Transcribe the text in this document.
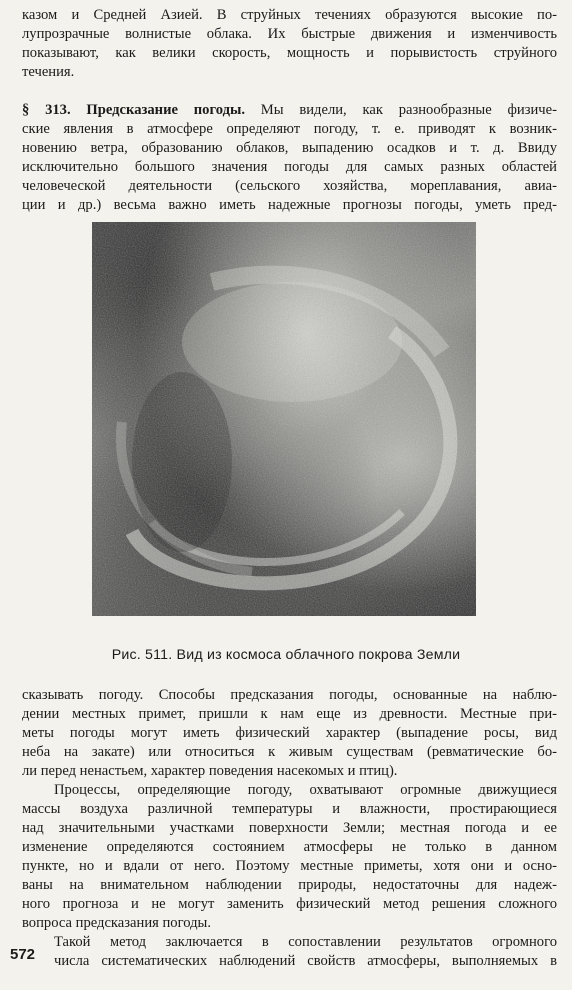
казом и Средней Азией. В струйных течениях образуются высокие по-
лупрозрачные волнистые облака. Их быстрые движения и изменчивость
показывают, как велики скорость, мощность и порывистость струйного
течения.
§ 313. Предсказание погоды. Мы видели, как разнообразные физиче-
ские явления в атмосфере определяют погоду, т. е. приводят к возник-
новению ветра, образованию облаков, выпадению осадков и т. д. Ввиду
исключительно большого значения погоды для самых разных областей
человеческой деятельности (сельского хозяйства, мореплавания, авиа-
ции и др.) весьма важно иметь надежные прогнозы погоды, уметь пред-
Рис. 511. Вид из космоса облачного покрова Земли
сказывать погоду. Способы предсказания погоды, основанные на наблю-
дении местных примет, пришли к нам еще из древности. Местные при-
меты погоды могут иметь физический характер (выпадение росы, вид
неба на закате) или относиться к живым существам (ревматические бо-
ли перед ненастьем, характер поведения насекомых и птиц).
Процессы, определяющие погоду, охватывают огромные движущиеся
массы воздуха различной температуры и влажности, простирающиеся
над значительными участками поверхности Земли; местная погода и ее
изменение определяются состоянием атмосферы не только в данном
пункте, но и вдали от него. Поэтому местные приметы, хотя они и осно-
ваны на внимательном наблюдении природы, недостаточны для надеж-
ного прогноза и не могут заменить физический метод решения сложного
вопроса предсказания погоды.
Такой метод заключается в сопоставлении результатов огромного
числа систематических наблюдений свойств атмосферы, выполняемых в
572
